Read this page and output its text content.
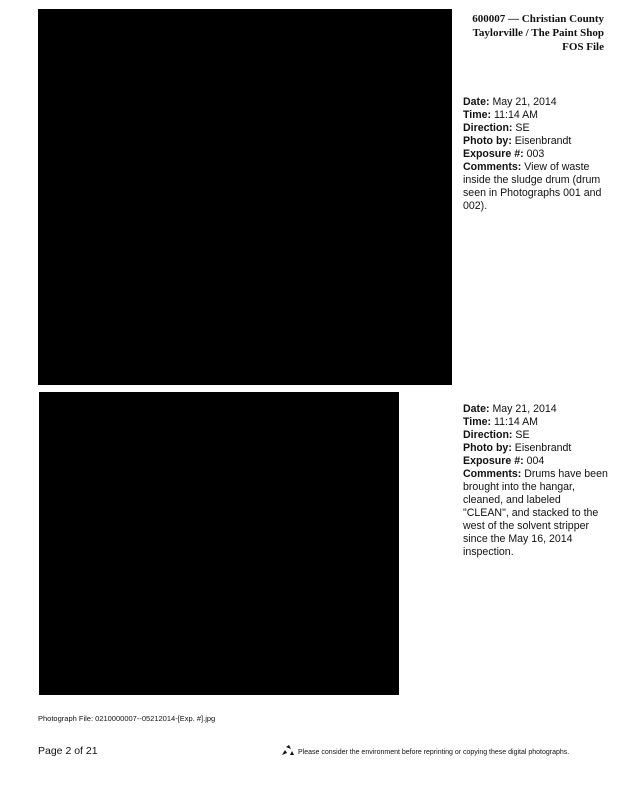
600007 — Christian County
Taylorville / The Paint Shop
FOS File
Date: May 21, 2014
Time: 11:14 AM
Direction: SE
Photo by: Eisenbrandt
Exposure #: 003
Comments: View of waste inside the sludge drum (drum seen in Photographs 001 and 002).
Date: May 21, 2014
Time: 11:14 AM
Direction: SE
Photo by: Eisenbrandt
Exposure #: 004
Comments: Drums have been brought into the hangar, cleaned, and labeled "CLEAN", and stacked to the west of the solvent stripper since the May 16, 2014 inspection.
Photograph File: 0210000007--05212014-[Exp. #].jpg
Page 2 of 21	Please consider the environment before reprinting or copying these digital photographs.
